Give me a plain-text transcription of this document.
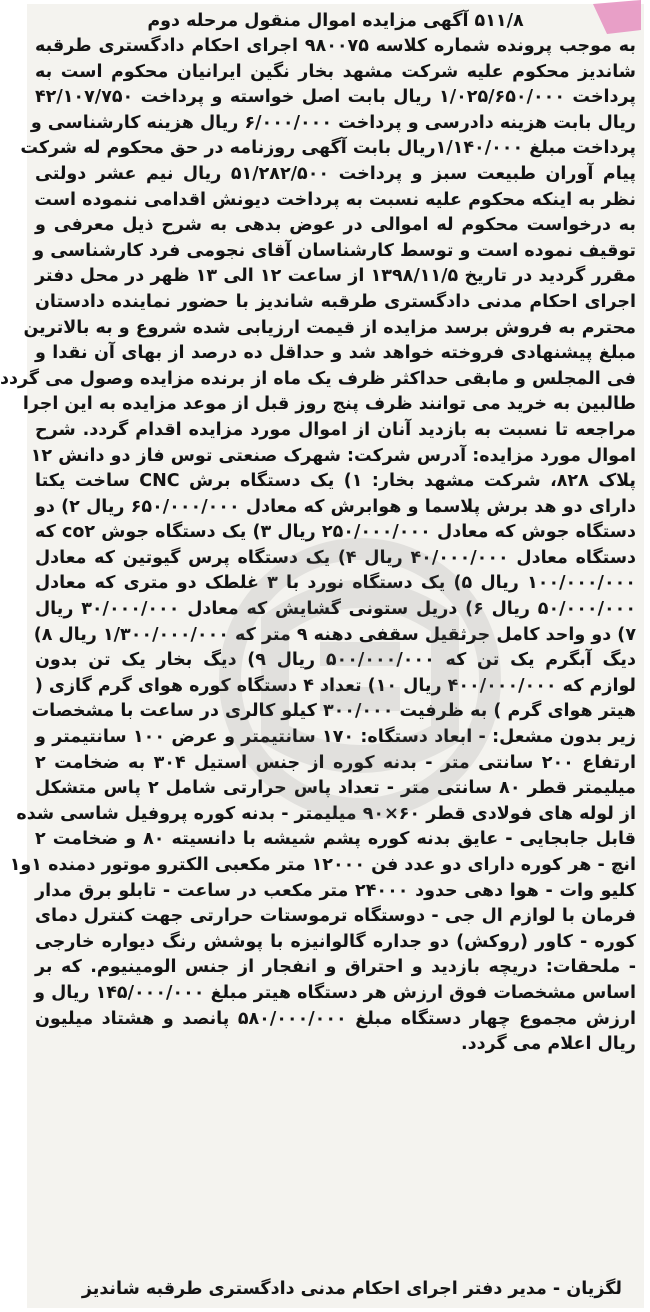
۵۱۱/۸ آگهی مزایده اموال منقول مرحله دوم
به موجب پرونده شماره کلاسه ۹۸۰۰۷۵ اجرای احکام دادگستری طرقبه
شاندیز محکوم علیه شرکت مشهد بخار نگین ایرانیان محکوم است به
پرداخت ۱/۰۲۵/۶۵۰/۰۰۰ ریال بابت اصل خواسته و پرداخت ۴۲/۱۰۷/۷۵۰
ریال بابت هزینه دادرسی و پرداخت ۶/۰۰۰/۰۰۰ ریال هزینه کارشناسی و
پرداخت مبلغ ۱/۱۴۰/۰۰۰ریال بابت آگهی روزنامه در حق محکوم له شرکت
پیام آوران طبیعت سبز و پرداخت ۵۱/۲۸۲/۵۰۰ ریال نیم عشر دولتی
نظر به اینکه محکوم علیه نسبت به پرداخت دیونش اقدامی ننموده است
به درخواست محکوم له اموالی در عوض بدهی به شرح ذیل معرفی و
توقیف نموده است و توسط کارشناسان آقای نجومی فرد کارشناسی و
مقرر گردید در تاریخ ۱۳۹۸/۱۱/۵ از ساعت ۱۲ الی ۱۳ ظهر در محل دفتر
اجرای احکام مدنی دادگستری طرقبه شاندیز با حضور نماینده دادستان
محترم به فروش برسد مزایده از قیمت ارزیابی شده شروع و به بالاترین
مبلغ پیشنهادی فروخته خواهد شد و حداقل ده درصد از بهای آن نقدا و
فی المجلس و مابقی حداکثر ظرف یک ماه از برنده مزایده وصول می گردد
طالبین به خرید می توانند ظرف پنج روز قبل از موعد مزایده به این اجرا
مراجعه تا نسبت به بازدید آنان از اموال مورد مزایده اقدام گردد. شرح
اموال مورد مزایده: آدرس شرکت: شهرک صنعتی توس فاز دو دانش ۱۲
پلاک ۸۲۸، شرکت مشهد بخار: ۱) یک دستگاه برش CNC ساخت یکتا
دارای دو هد برش پلاسما و هوابرش که معادل ۶۵۰/۰۰۰/۰۰۰ ریال ۲) دو
دستگاه جوش که معادل ۲۵۰/۰۰۰/۰۰۰ ریال ۳) یک دستگاه جوش co۲ که
دستگاه معادل ۴۰/۰۰۰/۰۰۰ ریال ۴) یک دستگاه پرس گیوتین که معادل
۱۰۰/۰۰۰/۰۰۰ ریال ۵) یک دستگاه نورد با ۳ غلطک دو متری که معادل
۵۰/۰۰۰/۰۰۰ ریال ۶) دریل ستونی گشایش که معادل ۳۰/۰۰۰/۰۰۰ ریال
۷) دو واحد کامل جرثقیل سقفی دهنه ۹ متر که ۱/۳۰۰/۰۰۰/۰۰۰ ریال ۸)
دیگ آبگرم یک تن که ۵۰۰/۰۰۰/۰۰۰ ریال ۹) دیگ بخار یک تن بدون
لوازم که ۴۰۰/۰۰۰/۰۰۰ ریال ۱۰) تعداد ۴ دستگاه کوره هوای گرم گازی (
هیتر هوای گرم ) به ظرفیت ۳۰۰/۰۰۰ کیلو کالری در ساعت با مشخصات
زیر بدون مشعل: - ابعاد دستگاه: ۱۷۰ سانتیمتر و عرض ۱۰۰ سانتیمتر و
ارتفاع ۲۰۰ سانتی متر - بدنه کوره از جنس استیل ۳۰۴ به ضخامت ۲
میلیمتر قطر ۸۰ سانتی متر - تعداد پاس حرارتی شامل ۲ پاس متشکل
از لوله های فولادی قطر ۶۰×۹۰ میلیمتر - بدنه کوره پروفیل شاسی شده
قابل جابجایی - عایق بدنه کوره پشم شیشه با دانسیته ۸۰ و ضخامت ۲
انچ - هر کوره دارای دو عدد فن ۱۲۰۰۰ متر مکعبی الکترو موتور دمنده ۱و۱
کلیو وات - هوا دهی حدود ۲۴۰۰۰ متر مکعب در ساعت - تابلو برق مدار
فرمان با لوازم ال جی - دوستگاه ترموستات حرارتی جهت کنترل دمای
کوره - کاور (روکش) دو جداره گالوانیزه با پوشش رنگ دیواره خارجی
- ملحقات: دریچه بازدید و احتراق و انفجار از جنس الومینیوم. که بر
اساس مشخصات فوق ارزش هر دستگاه هیتر مبلغ ۱۴۵/۰۰۰/۰۰۰ ریال و
ارزش مجموع چهار دستگاه مبلغ ۵۸۰/۰۰۰/۰۰۰ پانصد و هشتاد میلیون
ریال اعلام می گردد.
لگزیان - مدیر دفتر اجرای احکام مدنی دادگستری طرقبه شاندیز
